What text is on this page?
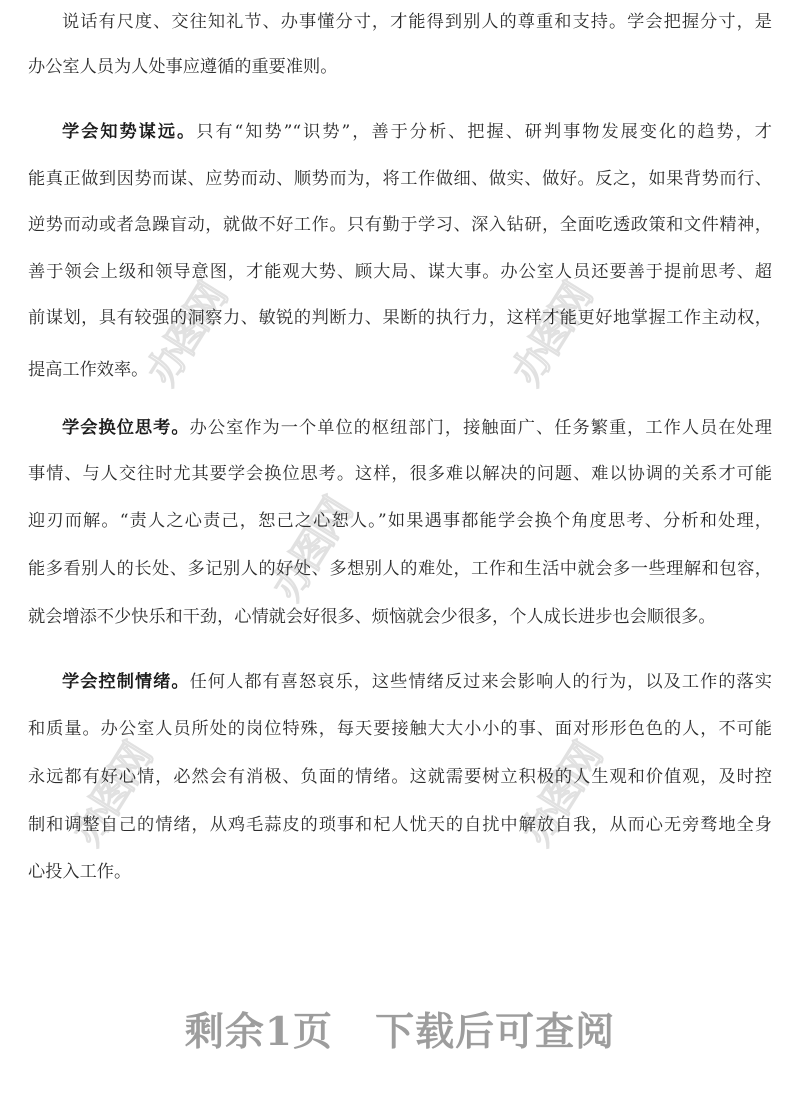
办图网	办图网
办图网
办图网	办图网
说话有尺度、交往知礼节、办事懂分寸，才能得到别人的尊重和支持。学会把握分寸，是
办公室人员为人处事应遵循的重要准则。
学会知势谋远。只有“知势”“识势”，善于分析、把握、研判事物发展变化的趋势，才
能真正做到因势而谋、应势而动、顺势而为，将工作做细、做实、做好。反之，如果背势而行、
逆势而动或者急躁盲动，就做不好工作。只有勤于学习、深入钻研，全面吃透政策和文件精神，
善于领会上级和领导意图，才能观大势、顾大局、谋大事。办公室人员还要善于提前思考、超
前谋划，具有较强的洞察力、敏锐的判断力、果断的执行力，这样才能更好地掌握工作主动权，
提高工作效率。
学会换位思考。办公室作为一个单位的枢纽部门，接触面广、任务繁重，工作人员在处理
事情、与人交往时尤其要学会换位思考。这样，很多难以解决的问题、难以协调的关系才可能
迎刃而解。“责人之心责己，恕己之心恕人。”如果遇事都能学会换个角度思考、分析和处理，
能多看别人的长处、多记别人的好处、多想别人的难处，工作和生活中就会多一些理解和包容，
就会增添不少快乐和干劲，心情就会好很多、烦恼就会少很多，个人成长进步也会顺很多。
学会控制情绪。任何人都有喜怒哀乐，这些情绪反过来会影响人的行为，以及工作的落实
和质量。办公室人员所处的岗位特殊，每天要接触大大小小的事、面对形形色色的人，不可能
永远都有好心情，必然会有消极、负面的情绪。这就需要树立积极的人生观和价值观，及时控
制和调整自己的情绪，从鸡毛蒜皮的琐事和杞人忧天的自扰中解放自我，从而心无旁骛地全身
心投入工作。
剩余1页 下载后可查阅
